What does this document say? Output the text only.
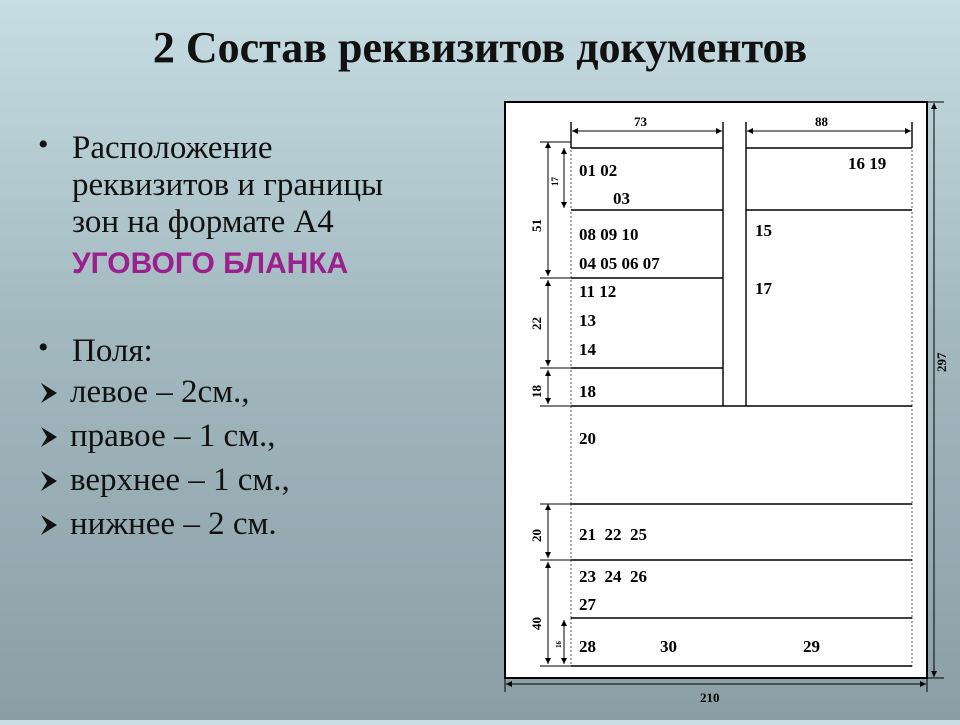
2 Состав реквизитов документов
• Расположение
реквизитов и границы
зон на формате А4
УГОВОГО БЛАНКА
• Поля:
левое – 2см.,
правое – 1 см.,
верхнее – 1 см.,
нижнее – 2 см.
73	88
210
297
51
17
22
18
20
40
16
01 02
03
08 09 10
04 05 06 07
11 12
13
14
18
16 19
15
17
20
21  22  25
23  24  26
27
28	30	29
